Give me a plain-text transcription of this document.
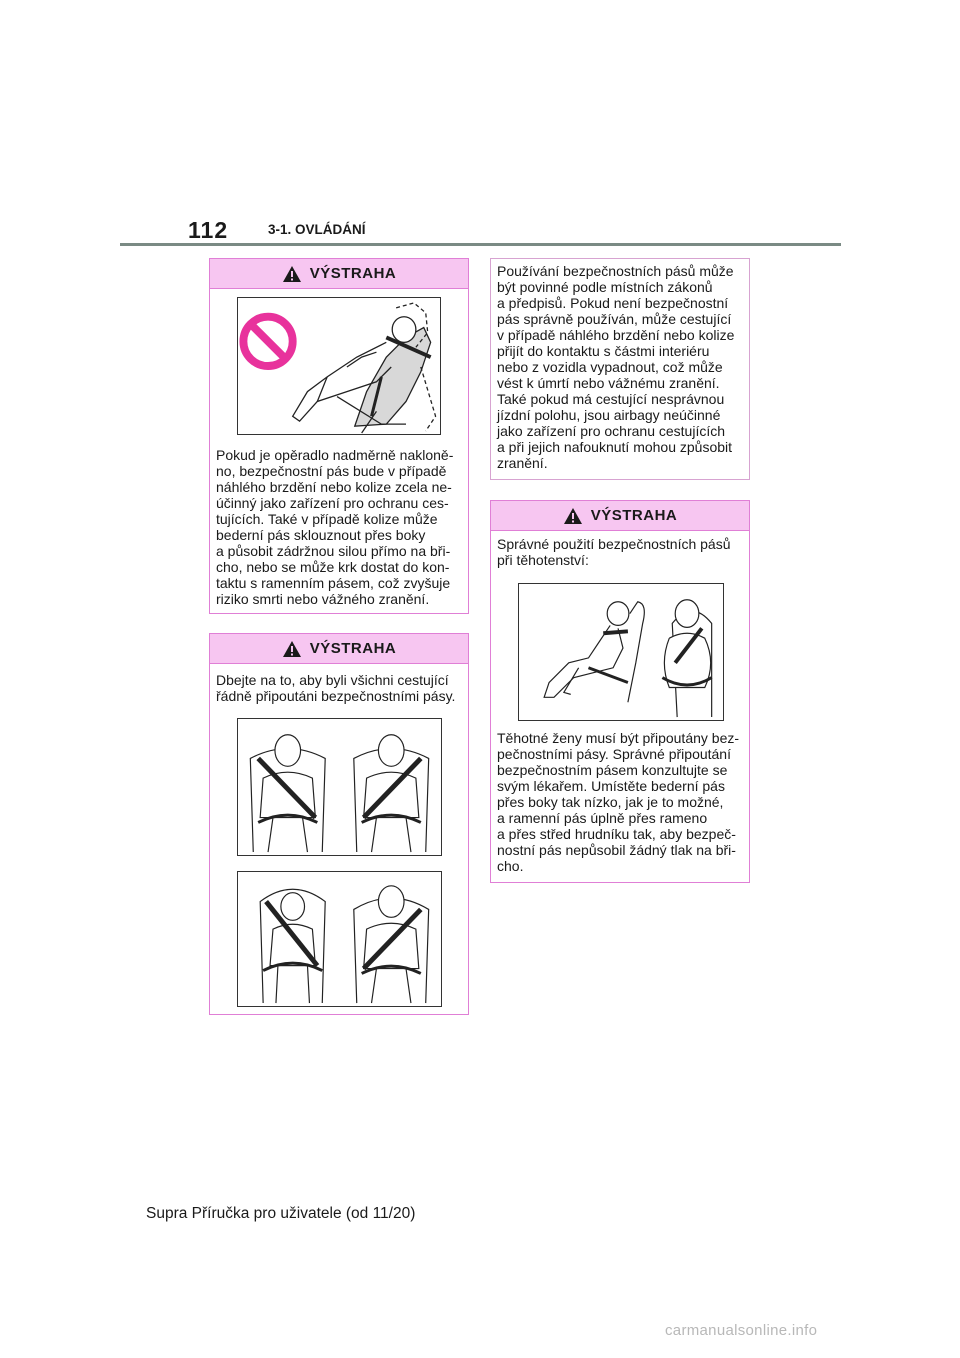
112	3-1. OVLÁDÁNÍ
VÝSTRAHA

Pokud je opěradlo nadměrně nakloně-

no, bezpečnostní pás bude v případě

náhlého brzdění nebo kolize zcela ne-

účinný jako zařízení pro ochranu ces-

tujících. Také v případě kolize může

bederní pás sklouznout přes boky

a působit zádržnou silou přímo na bři-

cho, nebo se může krk dostat do kon-

taktu s ramenním pásem, což zvyšuje

riziko smrti nebo vážného zranění.

VÝSTRAHA

Dbejte na to, aby byli všichni cestující

řádně připoutáni bezpečnostními pásy.

Používání bezpečnostních pásů může

být povinné podle místních zákonů

a předpisů. Pokud není bezpečnostní

pás správně používán, může cestující

v případě náhlého brzdění nebo kolize

přijít do kontaktu s částmi interiéru

nebo z vozidla vypadnout, což může

vést k úmrtí nebo vážnému zranění.

Také pokud má cestující nesprávnou

jízdní polohu, jsou airbagy neúčinné

jako zařízení pro ochranu cestujících

a při jejich nafouknutí mohou způsobit

zranění.

VÝSTRAHA

Správné použití bezpečnostních pásů

při těhotenství:

Těhotné ženy musí být připoutány bez-

pečnostními pásy. Správné připoutání

bezpečnostním pásem konzultujte se

svým lékařem. Umístěte bederní pás

přes boky tak nízko, jak je to možné,

a ramenní pás úplně přes rameno

a přes střed hrudníku tak, aby bezpeč-

nostní pás nepůsobil žádný tlak na bři-

cho.

Supra Příručka pro uživatele (od 11/20)
carmanualsonline.info
